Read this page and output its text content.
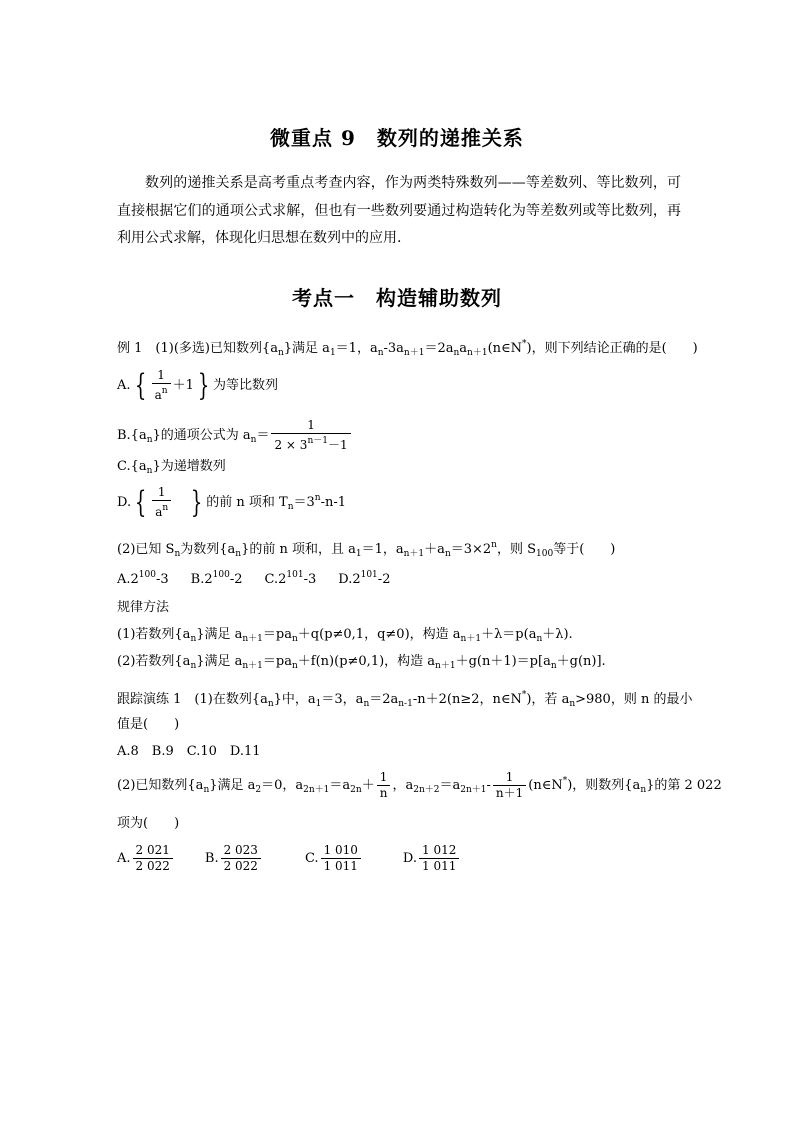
微重点 9　数列的递推关系
数列的递推关系是高考重点考查内容，作为两类特殊数列——等差数列、等比数列，可直接根据它们的通项公式求解，但也有一些数列要通过构造转化为等差数列或等比数列，再利用公式求解，体现化归思想在数列中的应用.
考点一　构造辅助数列
例 1　(1)(多选)已知数列$\{a_n\}$满足 $a_1=1$，$a_n-3a_{n+1}=2a_na_{n+1}(n\in N^*)$，则下列结论正确的是(　　)
A. { $\frac{1}{a^n} +1$ } 为等比数列
$B.\{a_n\}$的通项公式为 $a_n= \frac{1}{2 \times 3^{n-1}-1}$
$C.\{a_n\}$为递增数列
D. { $\frac{1}{a^n}$ } 的前 n 项和 $T_n=3^n-n-1$
(2)已知 $S_n$为数列$\{a_n\}$的前 n 项和，且 $a_1=1$，$a_{n+1}+a_n=3\times 2^n$，则 $S_{100}$等于(　　)
$A.2^{100}-3$ $B.2^{100}-2$ $C.2^{101}-3$ $D.2^{101}-2$
规律方法
(1)若数列$\{a_n\}$满足 $a_{n+1}=pa_n+q(p\ne 0,1$，q≠0)，构造 $a_{n+1}+\lambda=p(a_n+\lambda)$.
(2)若数列$\{a_n\}$满足 $a_{n+1}=pa_n+f(n)(p\ne 0,1)$，构造 $a_{n+1}+g(n+1)=p[a_n+g(n)]$.
跟踪演练 1　(1)在数列$\{a_n\}$中，$a_1=3$，$a_n=2a_{n-1}-n+2(n\ge 2$，n∈N*)，若 $a_n>980$，则 n 的最小
值是(　　)
A.8　B.9　C.10　D.11
(2)已知数列$\{a_n\}$满足 $a_2=0$，$a_{2n+1}=a_{2n}+ \frac{1}{n}$ ，$a_{2n+2}=a_{2n+1}- \frac{1}{n+1}$ (n∈N*)，则数列$\{a_n\}$的第 2 022
项为(　　)
A. $\frac{2 021}{2 022} B$. $\frac{2 023}{2 022}$	C. $\frac{1 010}{1 011}$	D. $\frac{1 012}{1 011}$
